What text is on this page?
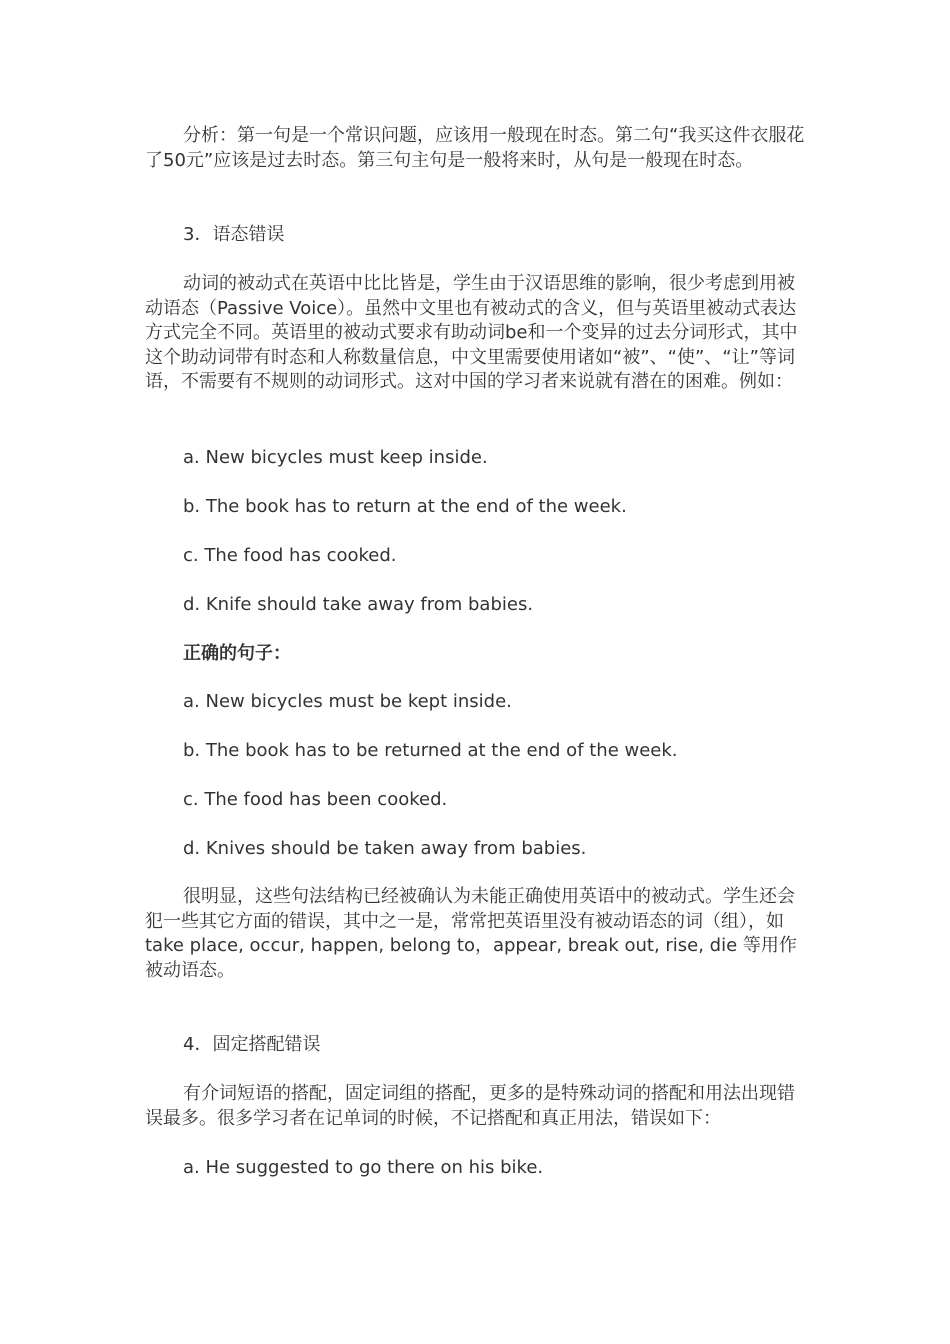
分析：第一句是一个常识问题，应该用一般现在时态。第二句“我买这件衣服花了50元”应该是过去时态。第三句主句是一般将来时，从句是一般现在时态。

3．语态错误

动词的被动式在英语中比比皆是，学生由于汉语思维的影响，很少考虑到用被动语态（Passive Voice）。虽然中文里也有被动式的含义，但与英语里被动式表达方式完全不同。英语里的被动式要求有助动词be和一个变异的过去分词形式，其中这个助动词带有时态和人称数量信息，中文里需要使用诸如“被”、“使”、“让”等词语，不需要有不规则的动词形式。这对中国的学习者来说就有潜在的困难。例如：

a. New bicycles must keep inside.

b. The book has to return at the end of the week.

c. The food has cooked.

d. Knife should take away from babies.

正确的句子：

a. New bicycles must be kept inside.

b. The book has to be returned at the end of the week.

c. The food has been cooked.

d. Knives should be taken away from babies.

很明显，这些句法结构已经被确认为未能正确使用英语中的被动式。学生还会犯一些其它方面的错误，其中之一是，常常把英语里没有被动语态的词（组），如 take place, occur, happen, belong to，appear, break out, rise, die 等用作被动语态。

4．固定搭配错误

有介词短语的搭配，固定词组的搭配，更多的是特殊动词的搭配和用法出现错误最多。很多学习者在记单词的时候，不记搭配和真正用法，错误如下：

a. He suggested to go there on his bike.
